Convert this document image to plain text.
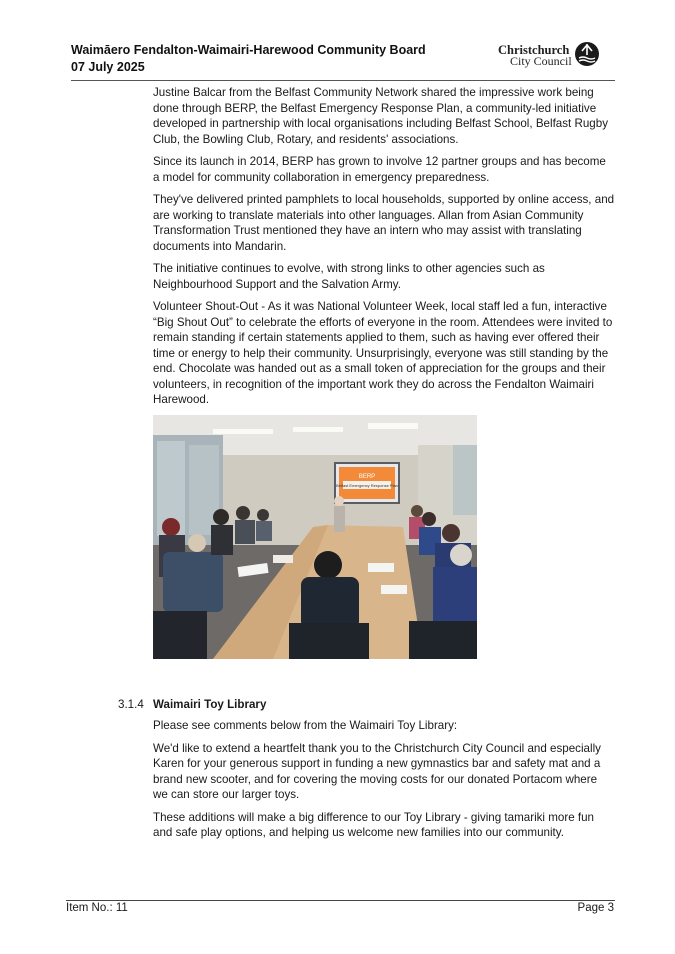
Waimāero Fendalton-Waimairi-Harewood Community Board
07 July 2025
Christchurch
City Council

Justine Balcar from the Belfast Community Network shared the impressive work being done through BERP, the Belfast Emergency Response Plan, a community-led initiative developed in partnership with local organisations including Belfast School, Belfast Rugby Club, the Bowling Club, Rotary, and residents' associations.

Since its launch in 2014, BERP has grown to involve 12 partner groups and has become a model for community collaboration in emergency preparedness.

They've delivered printed pamphlets to local households, supported by online access, and are working to translate materials into other languages. Allan from Asian Community Transformation Trust mentioned they have an intern who may assist with translating documents into Mandarin.

The initiative continues to evolve, with strong links to other agencies such as Neighbourhood Support and the Salvation Army.

Volunteer Shout-Out - As it was National Volunteer Week, local staff led a fun, interactive “Big Shout Out” to celebrate the efforts of everyone in the room. Attendees were invited to remain standing if certain statements applied to them, such as having ever offered their time or energy to help their community. Unsurprisingly, everyone was still standing by the end. Chocolate was handed out as a small token of appreciation for the groups and their volunteers, in recognition of the important work they do across the Fendalton Waimairi Harewood.

BERP
Belfast Emergency Response Plan
3.1.4 Waimairi Toy Library

Please see comments below from the Waimairi Toy Library:

We'd like to extend a heartfelt thank you to the Christchurch City Council and especially Karen for your generous support in funding a new gymnastics bar and safety mat and a brand new scooter, and for covering the moving costs for our donated Portacom where we can store our larger toys.

These additions will make a big difference to our Toy Library - giving tamariki more fun and safe play options, and helping us welcome new families into our community.

Item No.: 11	Page 3
